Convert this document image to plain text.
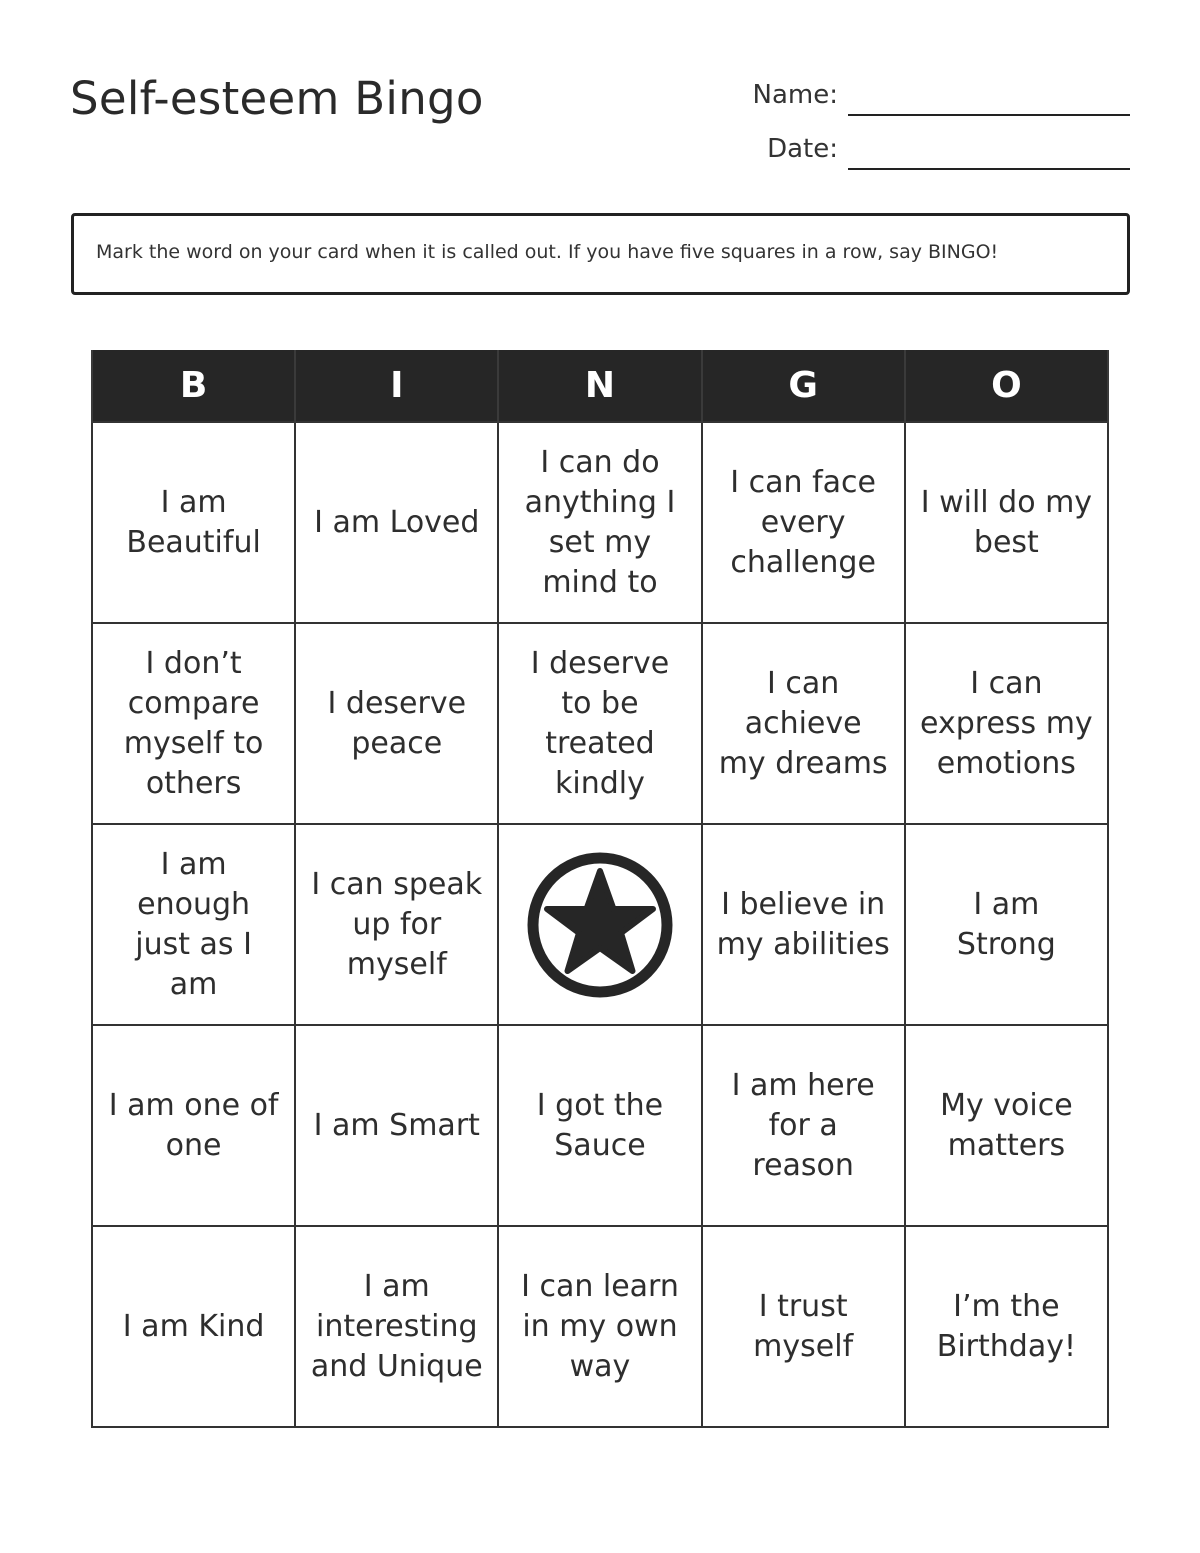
Self-esteem Bingo	Name:
Date:
Mark the word on your card when it is called out. If you have five squares in a row, say BINGO!
B	I	N	G	O
I am Beautiful	I am Loved	I can do anything I set my mind to	I can face every challenge	I will do my best
I don’t compare myself to others	I deserve peace	I deserve to be treated kindly	I can achieve my dreams	I can express my emotions
I am enough just as I am	I can speak up for myself		I believe in my abilities	I am Strong
I am one of one	I am Smart	I got the Sauce	I am here for a reason	My voice matters
I am Kind	I am interesting and Unique	I can learn in my own way	I trust myself	I’m the Birthday!
